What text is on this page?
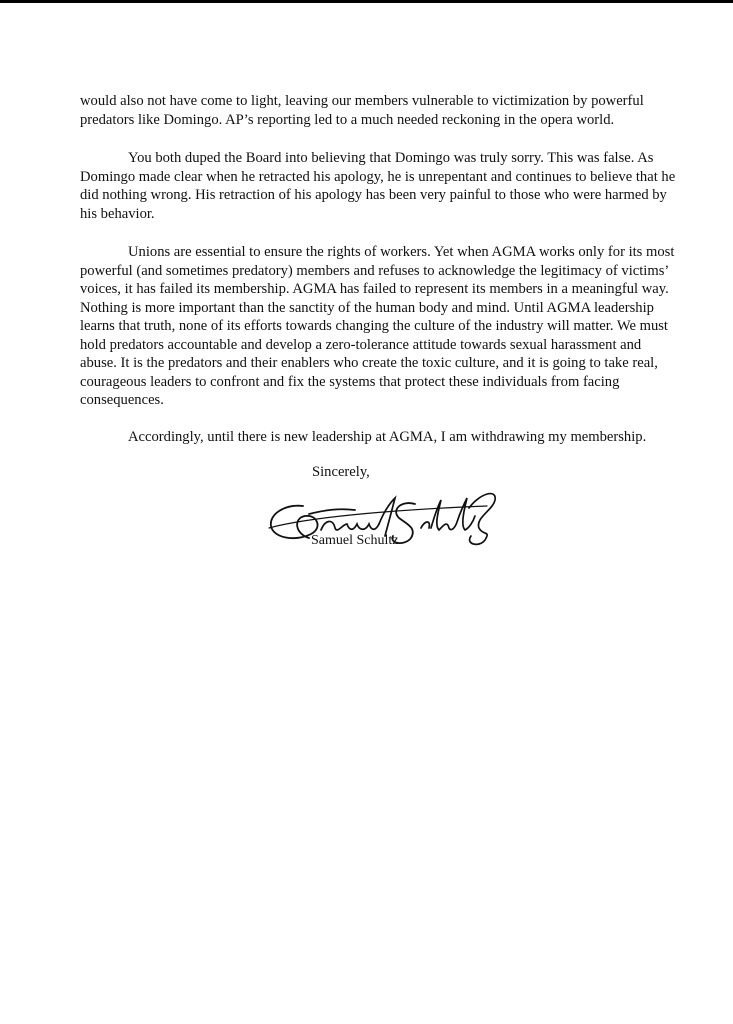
would also not have come to light, leaving our members vulnerable to victimization by powerful predators like Domingo. AP’s reporting led to a much needed reckoning in the opera world.

You both duped the Board into believing that Domingo was truly sorry. This was false. As Domingo made clear when he retracted his apology, he is unrepentant and continues to believe that he did nothing wrong. His retraction of his apology has been very painful to those who were harmed by his behavior.

Unions are essential to ensure the rights of workers. Yet when AGMA works only for its most powerful (and sometimes predatory) members and refuses to acknowledge the legitimacy of victims’ voices, it has failed its membership. AGMA has failed to represent its members in a meaningful way. Nothing is more important than the sanctity of the human body and mind. Until AGMA leadership learns that truth, none of its efforts towards changing the culture of the industry will matter. We must hold predators accountable and develop a zero-tolerance attitude towards sexual harassment and abuse. It is the predators and their enablers who create the toxic culture, and it is going to take real, courageous leaders to confront and fix the systems that protect these individuals from facing consequences.

Accordingly, until there is new leadership at AGMA, I am withdrawing my membership.

Sincerely,
Samuel Schultz
